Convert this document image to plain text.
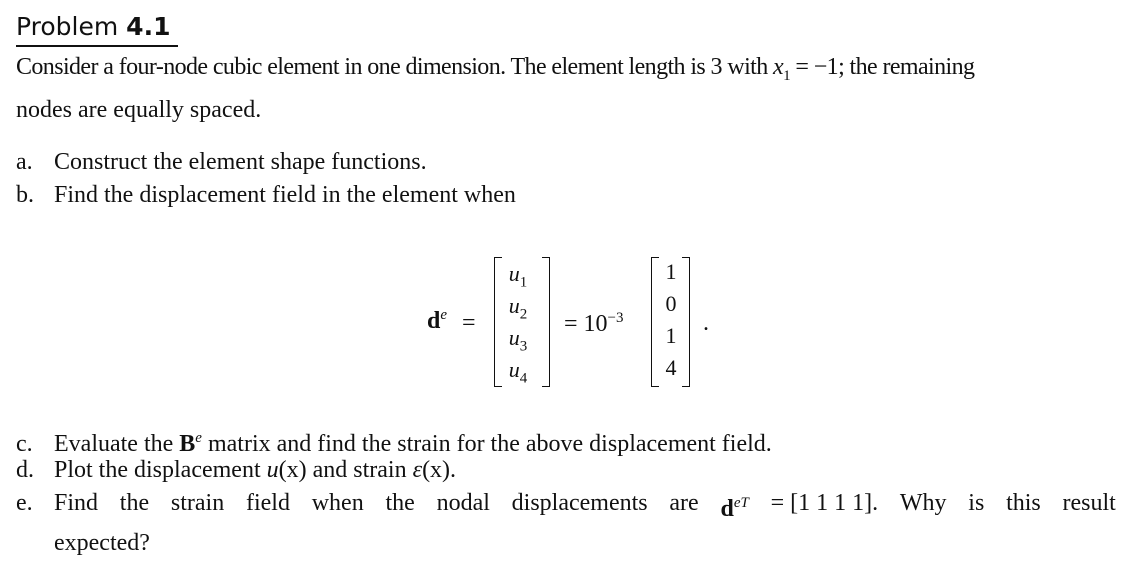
Problem 4.1
Consider a four-node cubic element in one dimension. The element length is 3 with $x_1 = -1$; the remaining
nodes are equally spaced.
a. Construct the element shape functions.
b. Find the displacement field in the element when
$d^e$ =
$u_1$
$u_2$
$u_3$
$u_4$
= $10^{-3}$
1
0
1
4
.
c. Evaluate the $B^e$ matrix and find the strain for the above displacement field.
d. Plot the displacement u(x) and strain ε(x).
e. Find the strain field when the nodal displacements are $d^{eT} = [1$ 1 1 1]. Why is this result
expected?
